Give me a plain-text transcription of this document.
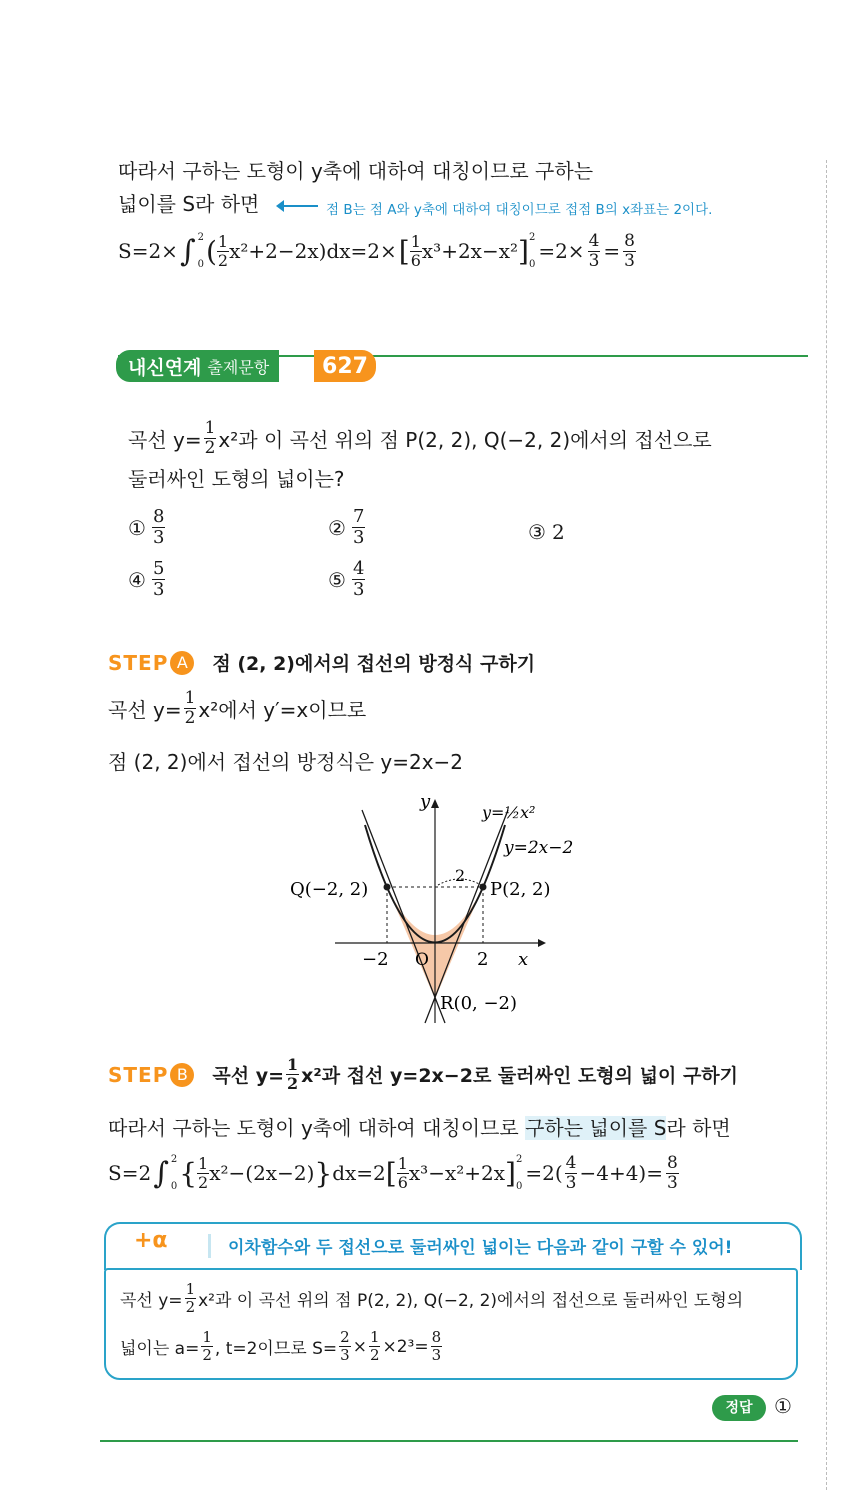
따라서 구하는 도형이 y축에 대하여 대칭이므로 구하는
넓이를 S라 하면	점 B는 점 A와 y축에 대하여 대칭이므로 접점 B의 x좌표는 2이다.
S=2× ∫ 2
0 ( 1
2 x²+2−2x )dx=2× [ 1
6 x³+2x−x² ] 2
0
$=2\times \frac{4}{3} = \frac{8}{3}$
내신연계 출제문항 627
곡선 $y= \frac{1}{2} x^2$과 이 곡선 위의 점 P(2, 2), Q(−2, 2)에서의 접선으로
둘러싸인 도형의 넓이는?
① $\frac{8}{3}$	② $\frac{7}{3}$	③ 2
④ $\frac{5}{3}$	⑤ $\frac{4}{3}$
STEP A	점 (2, 2)에서의 접선의 방정식 구하기
곡선 $y= \frac{1}{2} x^2$에서 y′=x이므로
점 (2, 2)에서 접선의 방정식은 y=2x−2
y
x
y=½x²
y=2x−2
P(2, 2)
Q(−2, 2)
R(0, −2)
−2	2
O
2
STEP B	곡선 $y= \frac{1}{2} x^2$과 접선 y=2x−2로 둘러싸인 도형의 넓이 구하기
따라서 구하는 도형이 y축에 대하여 대칭이므로 구하는 넓이를 S라 하면
S=2 ∫ 2
0 { 1
2 x²−(2x−2) } dx=2 [ 1
6 x³−x²+2x ] 2
0
=2( 4
$3 -4+4)= \frac{8}{3}$
+α	이차함수와 두 접선으로 둘러싸인 넓이는 다음과 같이 구할 수 있어!
곡선 $y= \frac{1}{2} x^2$과 이 곡선 위의 점 P(2, 2), Q(−2, 2)에서의 접선으로 둘러싸인 도형의
넓이는 $a= \frac{1}{2}$ , t=2이므로 $S= \frac{2}{3} \times \frac{1}{2} \times 2^3= \frac{8}{3}$
정답	①
